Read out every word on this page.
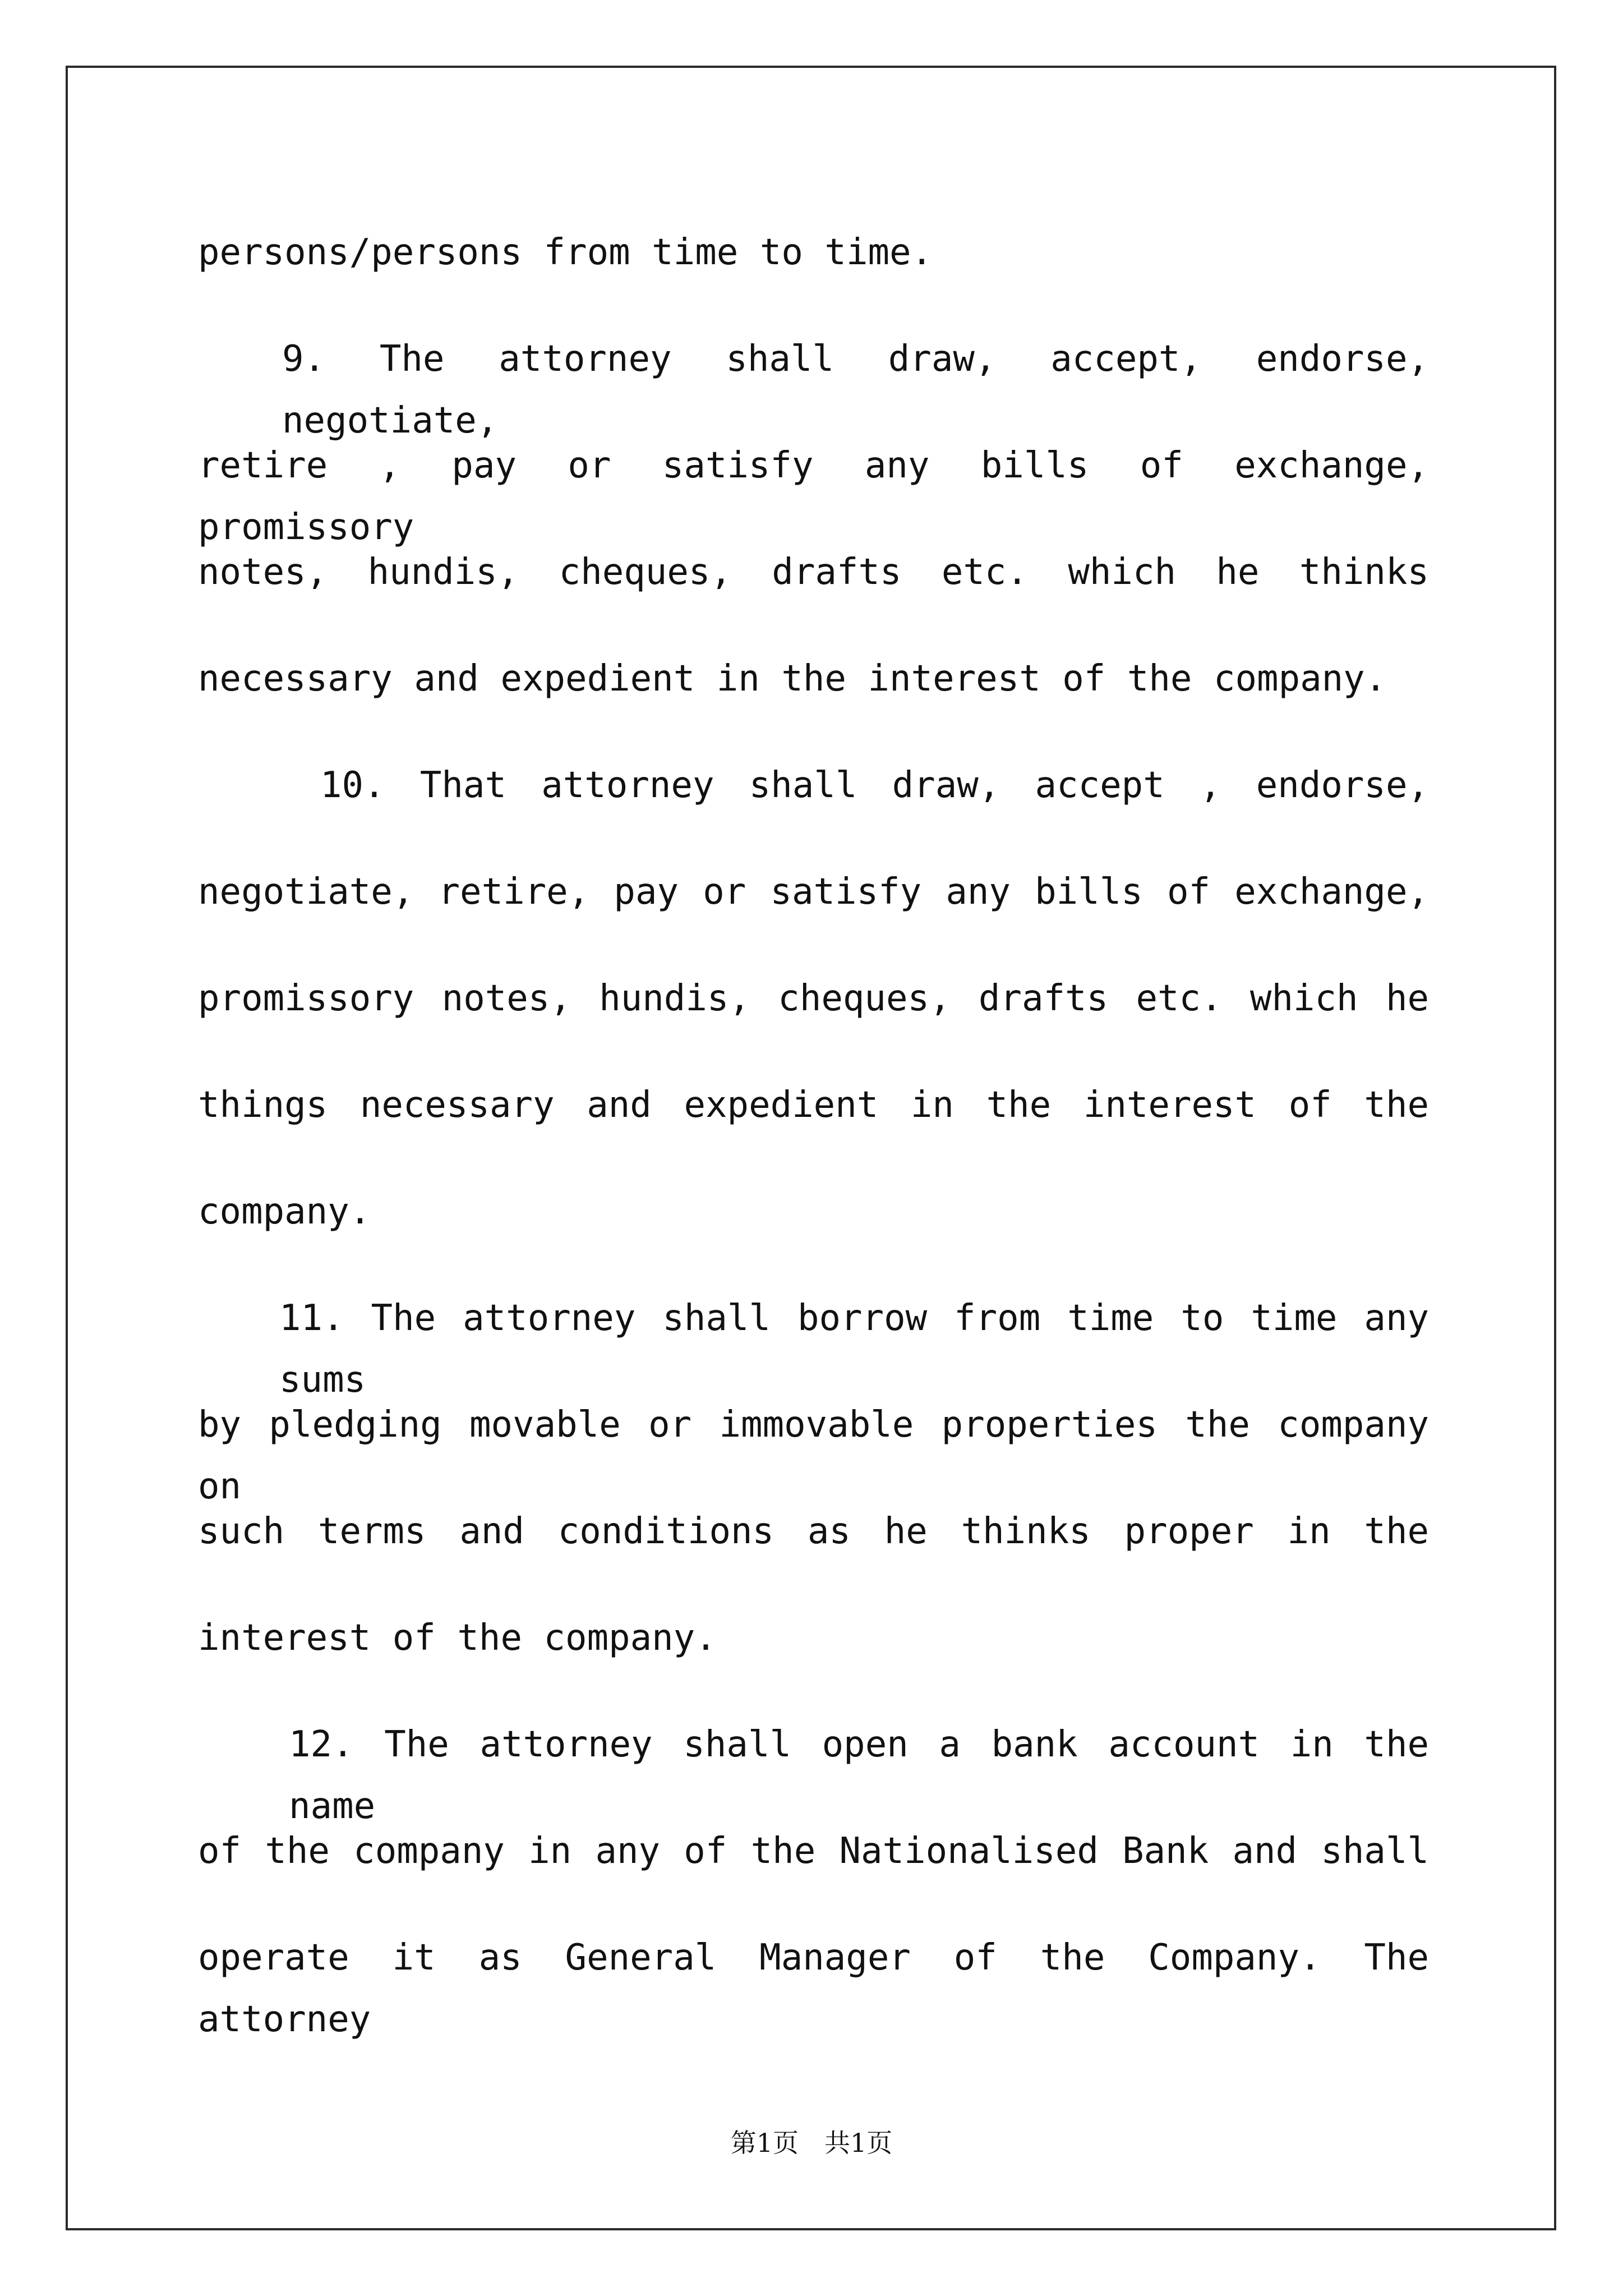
persons/persons from time to time.
9. The attorney shall draw, accept, endorse, negotiate,
retire , pay or satisfy any bills of exchange, promissory
notes, hundis, cheques, drafts etc. which he thinks
necessary and expedient in the interest of the company.
10. That attorney shall draw, accept , endorse,
negotiate, retire, pay or satisfy any bills of exchange,
promissory notes, hundis, cheques, drafts etc. which he
things necessary and expedient in the interest of the
company.
11. The attorney shall borrow from time to time any sums
by pledging movable or immovable properties the company on
such terms and conditions as he thinks proper in the
interest of the company.
12. The attorney shall open a bank account in the name
of the company in any of the Nationalised Bank and shall
operate it as General Manager of the Company. The attorney
第1页　共1页
